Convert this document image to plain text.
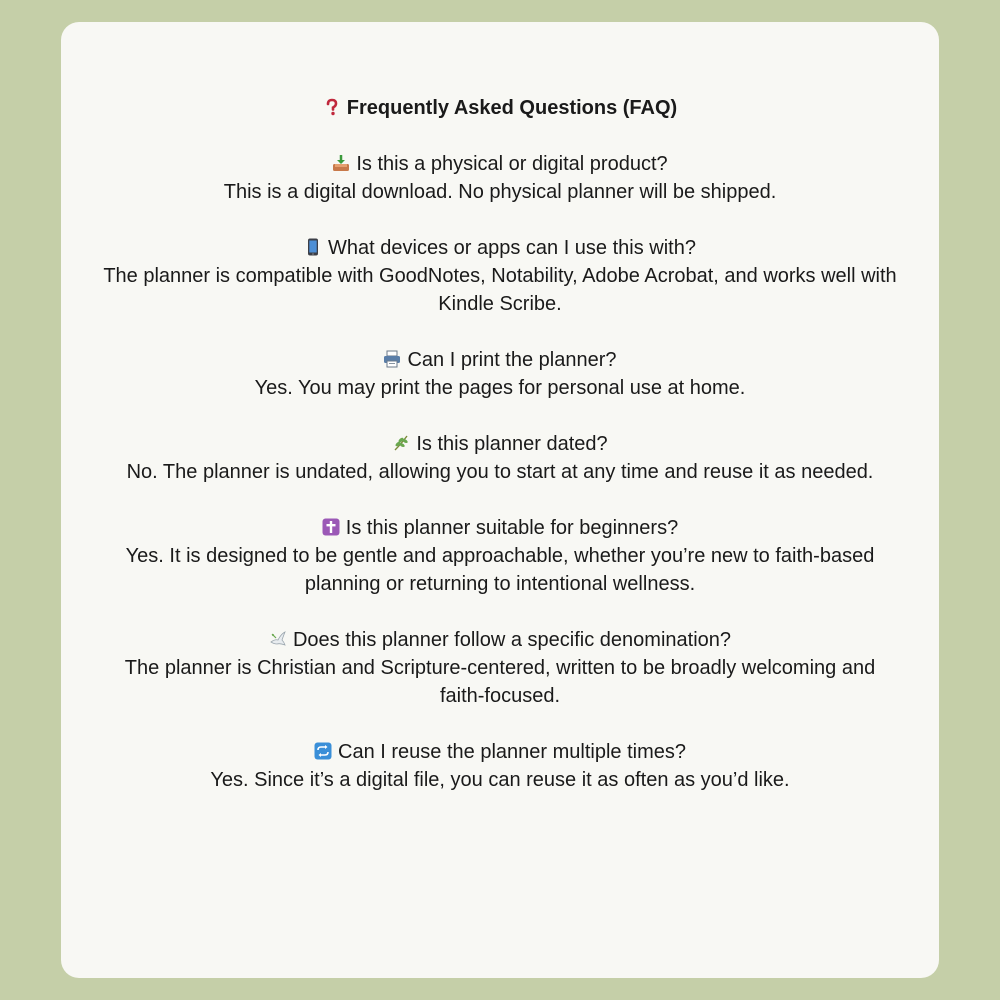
Frequently Asked Questions (FAQ)

Is this a physical or digital product?

This is a digital download. No physical planner will be shipped.

What devices or apps can I use this with?

The planner is compatible with GoodNotes, Notability, Adobe Acrobat, and works well with Kindle Scribe.

Can I print the planner?

Yes. You may print the pages for personal use at home.

Is this planner dated?

No. The planner is undated, allowing you to start at any time and reuse it as needed.

Is this planner suitable for beginners?

Yes. It is designed to be gentle and approachable, whether you’re new to faith-based planning or returning to intentional wellness.

Does this planner follow a specific denomination?

The planner is Christian and Scripture-centered, written to be broadly welcoming and faith-focused.

Can I reuse the planner multiple times?

Yes. Since it’s a digital file, you can reuse it as often as you’d like.
